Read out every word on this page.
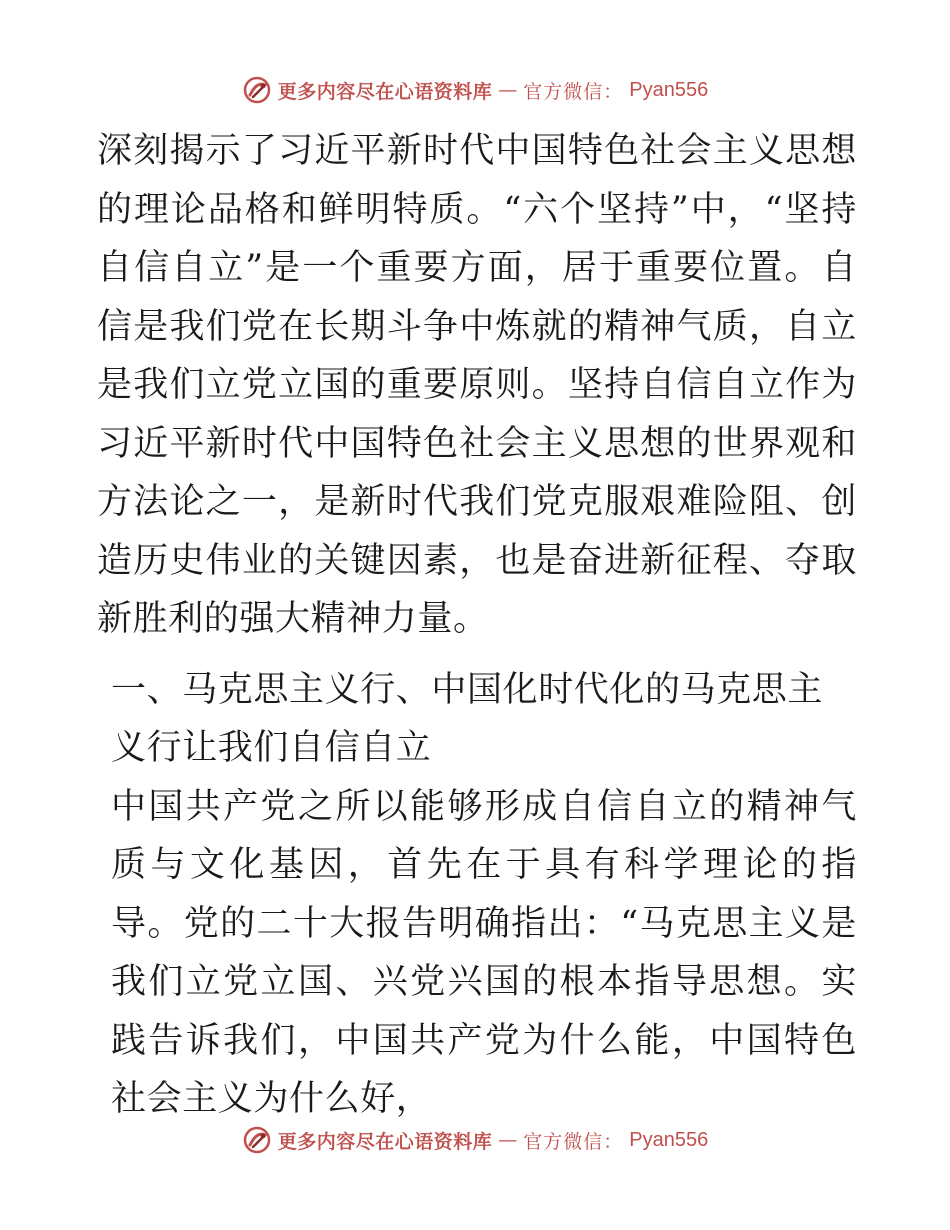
更多内容尽在心语资料库 — 官方微信： Pyan556

深刻揭示了习近平新时代中国特色社会主义思想的理论品格和鲜明特质。“六个坚持”中，“坚持自信自立”是一个重要方面，居于重要位置。自信是我们党在长期斗争中炼就的精神气质，自立是我们立党立国的重要原则。坚持自信自立作为习近平新时代中国特色社会主义思想的世界观和方法论之一，是新时代我们党克服艰难险阻、创造历史伟业的关键因素，也是奋进新征程、夺取新胜利的强大精神力量。

一、马克思主义行、中国化时代化的马克思主义行让我们自信自立

中国共产党之所以能够形成自信自立的精神气质与文化基因，首先在于具有科学理论的指导。党的二十大报告明确指出：“马克思主义是我们立党立国、兴党兴国的根本指导思想。实践告诉我们，中国共产党为什么能，中国特色社会主义为什么好，

更多内容尽在心语资料库 — 官方微信： Pyan556
